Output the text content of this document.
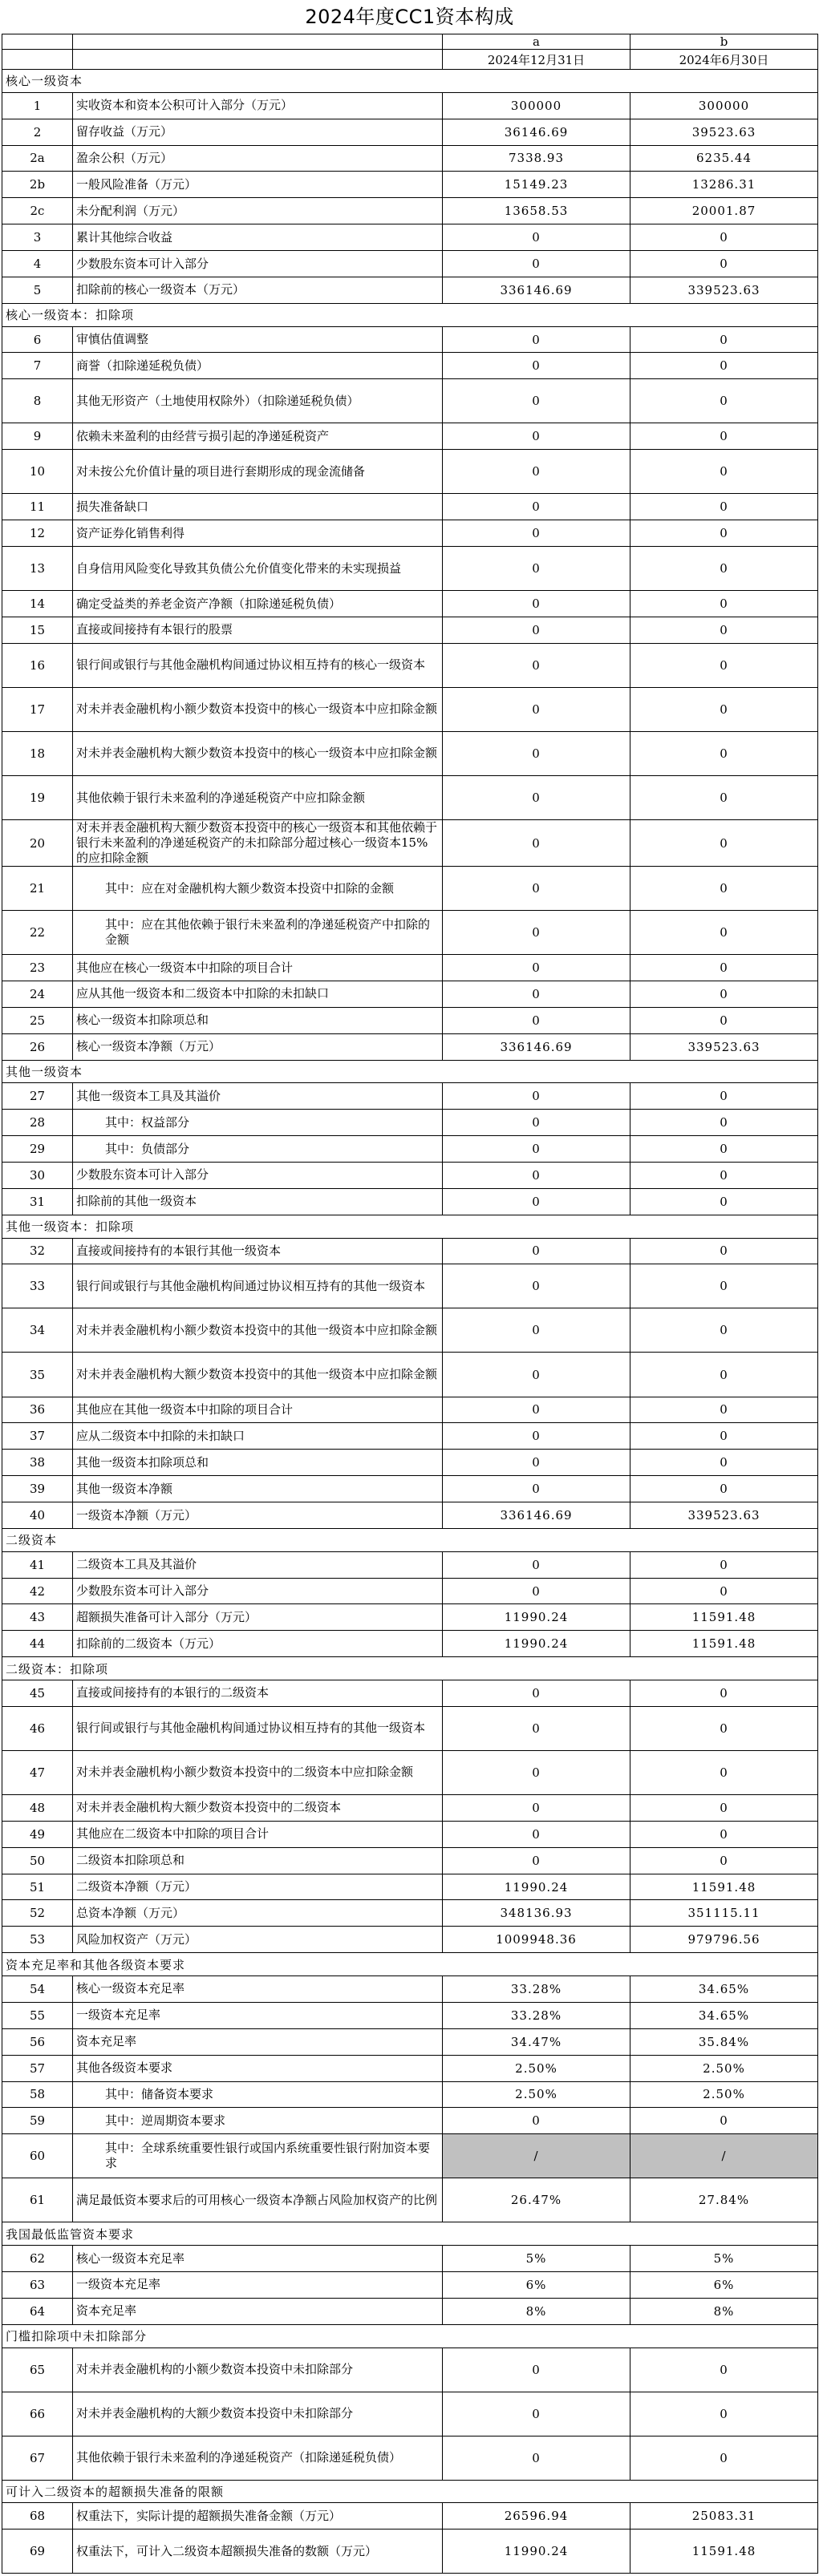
2024年度CC1资本构成
		a	b
		2024年12月31日	2024年6月30日
核心一级资本			
1	实收资本和资本公积可计入部分（万元）	300000	300000
2	留存收益（万元）	36146.69	39523.63
2a	盈余公积（万元）	7338.93	6235.44
2b	一般风险准备（万元）	15149.23	13286.31
2c	未分配利润（万元）	13658.53	20001.87
3	累计其他综合收益	0	0
4	少数股东资本可计入部分	0	0
5	扣除前的核心一级资本（万元）	336146.69	339523.63
核心一级资本：扣除项			
6	审慎估值调整	0	0
7	商誉（扣除递延税负债）	0	0
8	其他无形资产（土地使用权除外）（扣除递延税负债）	0	0
9	依赖未来盈利的由经营亏损引起的净递延税资产	0	0
10	对未按公允价值计量的项目进行套期形成的现金流储备	0	0
11	损失准备缺口	0	0
12	资产证券化销售利得	0	0
13	自身信用风险变化导致其负债公允价值变化带来的未实现损益	0	0
14	确定受益类的养老金资产净额（扣除递延税负债）	0	0
15	直接或间接持有本银行的股票	0	0
16	银行间或银行与其他金融机构间通过协议相互持有的核心一级资本	0	0
17	对未并表金融机构小额少数资本投资中的核心一级资本中应扣除金额	0	0
18	对未并表金融机构大额少数资本投资中的核心一级资本中应扣除金额	0	0
19	其他依赖于银行未来盈利的净递延税资产中应扣除金额	0	0
20	对未并表金融机构大额少数资本投资中的核心一级资本和其他依赖于银行未来盈利的净递延税资产的未扣除部分超过核心一级资本15%的应扣除金额	0	0
21	其中：应在对金融机构大额少数资本投资中扣除的金额	0	0
22	其中：应在其他依赖于银行未来盈利的净递延税资产中扣除的金额	0	0
23	其他应在核心一级资本中扣除的项目合计	0	0
24	应从其他一级资本和二级资本中扣除的未扣缺口	0	0
25	核心一级资本扣除项总和	0	0
26	核心一级资本净额（万元）	336146.69	339523.63
其他一级资本			
27	其他一级资本工具及其溢价	0	0
28	其中：权益部分	0	0
29	其中：负债部分	0	0
30	少数股东资本可计入部分	0	0
31	扣除前的其他一级资本	0	0
其他一级资本：扣除项			
32	直接或间接持有的本银行其他一级资本	0	0
33	银行间或银行与其他金融机构间通过协议相互持有的其他一级资本	0	0
34	对未并表金融机构小额少数资本投资中的其他一级资本中应扣除金额	0	0
35	对未并表金融机构大额少数资本投资中的其他一级资本中应扣除金额	0	0
36	其他应在其他一级资本中扣除的项目合计	0	0
37	应从二级资本中扣除的未扣缺口	0	0
38	其他一级资本扣除项总和	0	0
39	其他一级资本净额	0	0
40	一级资本净额（万元）	336146.69	339523.63
二级资本			
41	二级资本工具及其溢价	0	0
42	少数股东资本可计入部分	0	0
43	超额损失准备可计入部分（万元）	11990.24	11591.48
44	扣除前的二级资本（万元）	11990.24	11591.48
二级资本：扣除项			
45	直接或间接持有的本银行的二级资本	0	0
46	银行间或银行与其他金融机构间通过协议相互持有的其他一级资本	0	0
47	对未并表金融机构小额少数资本投资中的二级资本中应扣除金额	0	0
48	对未并表金融机构大额少数资本投资中的二级资本	0	0
49	其他应在二级资本中扣除的项目合计	0	0
50	二级资本扣除项总和	0	0
51	二级资本净额（万元）	11990.24	11591.48
52	总资本净额（万元）	348136.93	351115.11
53	风险加权资产（万元）	1009948.36	979796.56
资本充足率和其他各级资本要求			
54	核心一级资本充足率	33.28%	34.65%
55	一级资本充足率	33.28%	34.65%
56	资本充足率	34.47%	35.84%
57	其他各级资本要求	2.50%	2.50%
58	其中：储备资本要求	2.50%	2.50%
59	其中：逆周期资本要求	0	0
60	其中：全球系统重要性银行或国内系统重要性银行附加资本要求	/	/
61	满足最低资本要求后的可用核心一级资本净额占风险加权资产的比例	26.47%	27.84%
我国最低监管资本要求			
62	核心一级资本充足率	5%	5%
63	一级资本充足率	6%	6%
64	资本充足率	8%	8%
门槛扣除项中未扣除部分			
65	对未并表金融机构的小额少数资本投资中未扣除部分	0	0
66	对未并表金融机构的大额少数资本投资中未扣除部分	0	0
67	其他依赖于银行未来盈利的净递延税资产（扣除递延税负债）	0	0
可计入二级资本的超额损失准备的限额			
68	权重法下，实际计提的超额损失准备金额（万元）	26596.94	25083.31
69	权重法下，可计入二级资本超额损失准备的数额（万元）	11990.24	11591.48
